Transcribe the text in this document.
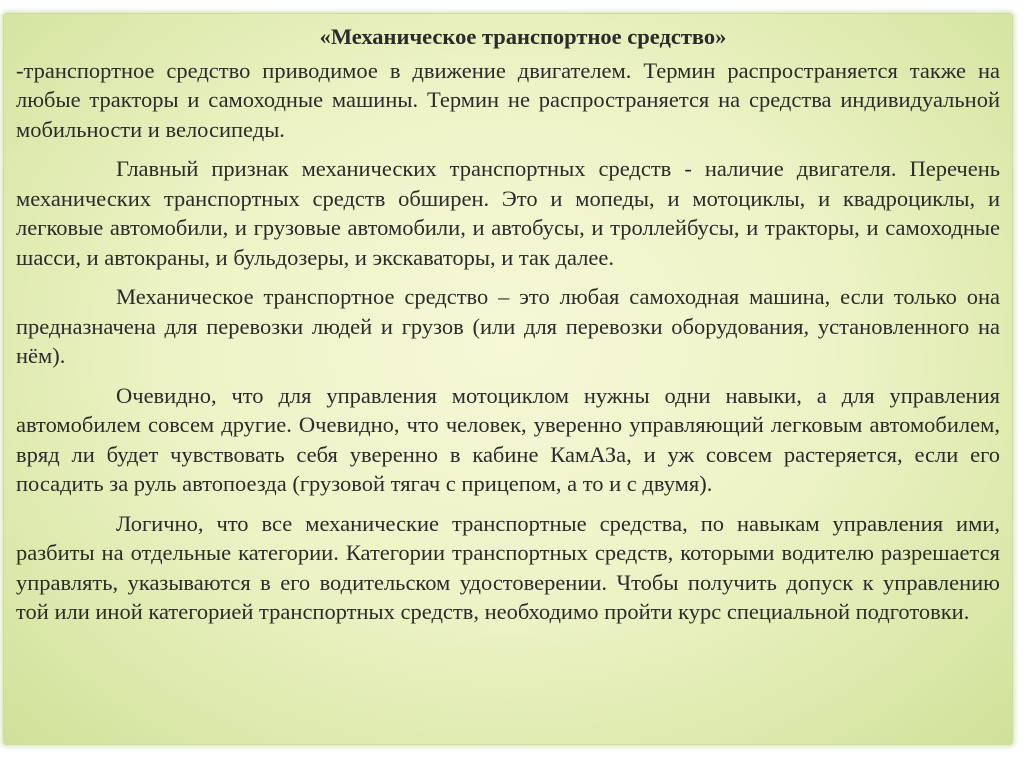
«Механическое транспортное средство»

-транспортное средство приводимое в движение двигателем. Термин распространяется также на любые тракторы и самоходные машины. Термин не распространяется на средства индивидуальной мобильности и велосипеды.

Главный признак механических транспортных средств - наличие двигателя. Перечень механических транспортных средств обширен. Это и мопеды, и мотоциклы, и квадроциклы, и легковые автомобили, и грузовые автомобили, и автобусы, и троллейбусы, и тракторы, и самоходные шасси, и автокраны, и бульдозеры, и экскаваторы, и так далее.

Механическое транспортное средство – это любая самоходная машина, если только она предназначена для перевозки людей и грузов (или для перевозки оборудования, установленного на нём).

Очевидно, что для управления мотоциклом нужны одни навыки, а для управления автомобилем совсем другие. Очевидно, что человек, уверенно управляющий легковым автомобилем, вряд ли будет чувствовать себя уверенно в кабине КамАЗа, и уж совсем растеряется, если его посадить за руль автопоезда (грузовой тягач с прицепом, а то и с двумя).

Логично, что все механические транспортные средства, по навыкам управления ими, разбиты на отдельные категории. Категории транспортных средств, которыми водителю разрешается управлять, указываются в его водительском удостоверении. Чтобы получить допуск к управлению той или иной категорией транспортных средств, необходимо пройти курс специальной подготовки.
